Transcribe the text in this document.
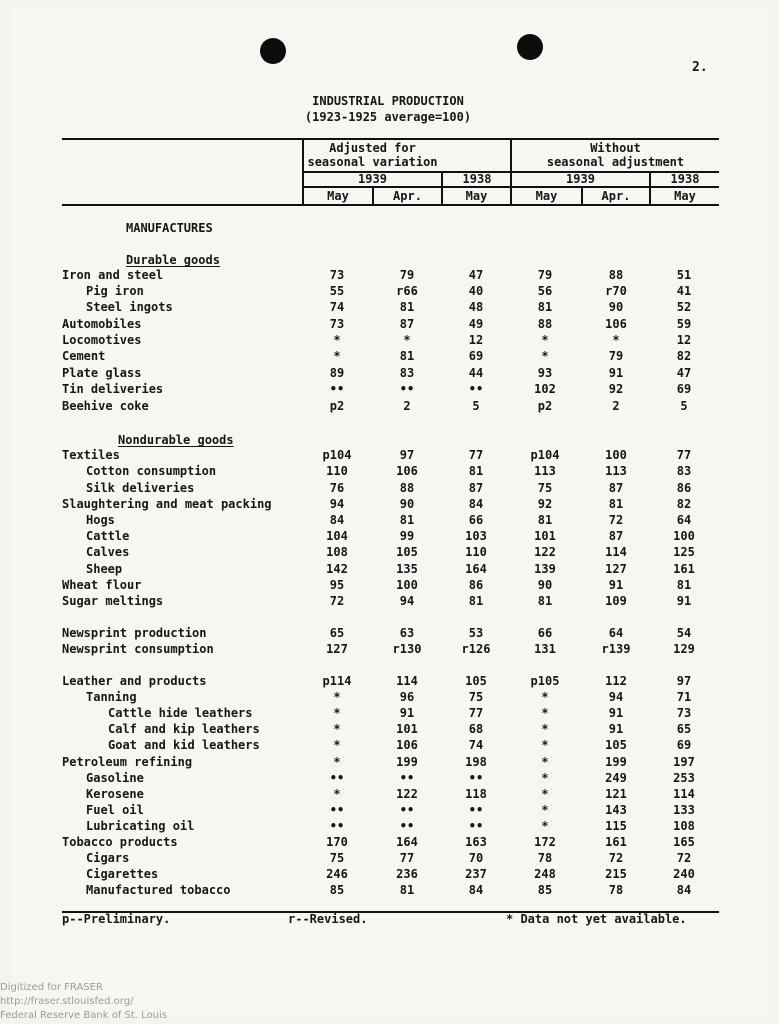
2.
INDUSTRIAL PRODUCTION
(1923-1925 average=100)
Adjusted for
seasonal variation
Without
seasonal adjustment
1939	1938	1939	1938
May	Apr.	May	May	Apr.	May
MANUFACTURES
Durable goods
Nondurable goods
Iron and steel	73	79	47	79	88	51
Pig iron	55	r66	40	56	r70	41
Steel ingots	74	81	48	81	90	52
Automobiles	73	87	49	88	106	59
Locomotives	*	*	12	*	*	12
Cement	*	81	69	*	79	82
Plate glass	89	83	44	93	91	47
Tin deliveries	••	••	••	102	92	69
Beehive coke	p2	2	5	p2	2	5
Textiles	p104	97	77	p104	100	77
Cotton consumption	110	106	81	113	113	83
Silk deliveries	76	88	87	75	87	86
Slaughtering and meat packing	94	90	84	92	81	82
Hogs	84	81	66	81	72	64
Cattle	104	99	103	101	87	100
Calves	108	105	110	122	114	125
Sheep	142	135	164	139	127	161
Wheat flour	95	100	86	90	91	81
Sugar meltings	72	94	81	81	109	91
Newsprint production	65	63	53	66	64	54
Newsprint consumption	127	r130	r126	131	r139	129
Leather and products	p114	114	105	p105	112	97
Tanning	*	96	75	*	94	71
Cattle hide leathers	*	91	77	*	91	73
Calf and kip leathers	*	101	68	*	91	65
Goat and kid leathers	*	106	74	*	105	69
Petroleum refining	*	199	198	*	199	197
Gasoline	••	••	••	*	249	253
Kerosene	*	122	118	*	121	114
Fuel oil	••	••	••	*	143	133
Lubricating oil	••	••	••	*	115	108
Tobacco products	170	164	163	172	161	165
Cigars	75	77	70	78	72	72
Cigarettes	246	236	237	248	215	240
Manufactured tobacco	85	81	84	85	78	84
p--Preliminary.	r--Revised.	* Data not yet available.
Digitized for FRASER
http://fraser.stlouisfed.org/
Federal Reserve Bank of St. Louis
